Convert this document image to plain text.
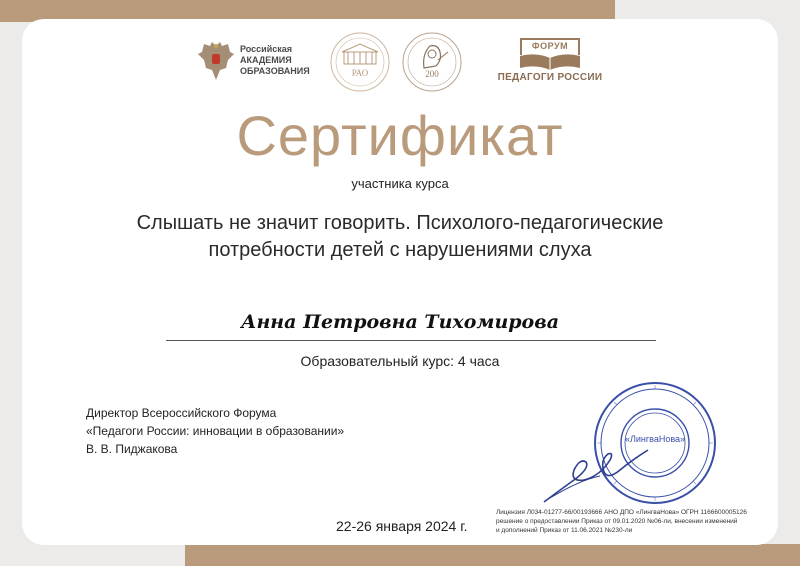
Российская
АКАДЕМИЯ
ОБРАЗОВАНИЯ	РАО	200
ФОРУМ
ПЕДАГОГИ РОССИИ
Сертификат
участника курса
Слышать не значит говорить. Психолого-педагогические
потребности детей с нарушениями слуха
Анна Петровна Тихомирова
Образовательный курс: 4 часа
Директор Всероссийского Форума
«Педагоги России: инновации в образовании»
В. В. Пиджакова
«ЛингваНова»
Лицензия Л034-01277-66/00193666 АНО ДПО «ЛингваНова» ОГРН 1166600005126
решение о предоставлении Приказ от 09.01.2020 №06-ли, внесении изменений
и дополнений Приказ от 11.06.2021 №230-ли
22-26 января 2024 г.
